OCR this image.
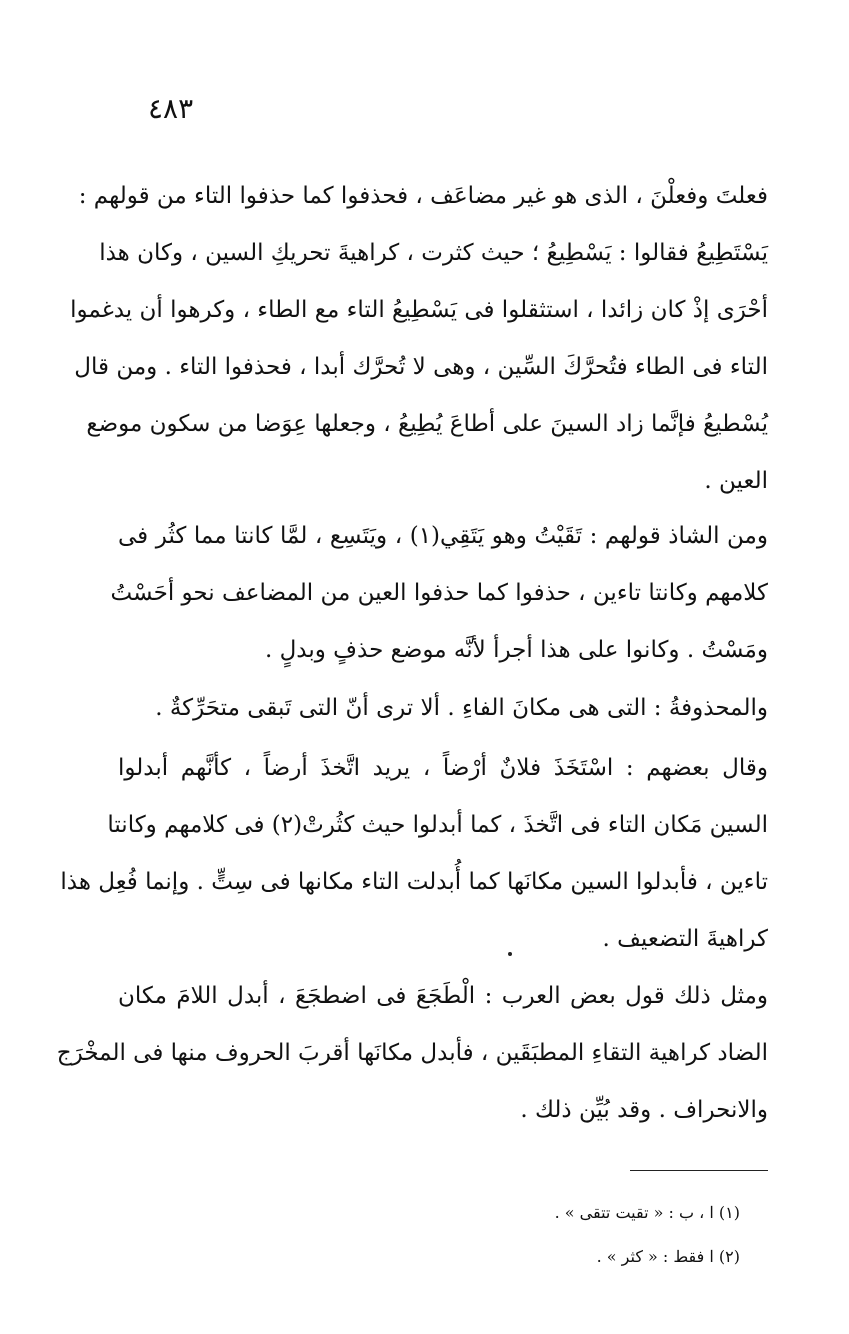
٤٨٣
فعلتَ وفعلْنَ ، الذى هو غير مضاعَف ، فحذفوا كما حذفوا التاء من قولهم :
يَسْتَطِيعُ فقالوا : يَسْطِيعُ ؛ حيث كثرت ، كراهيةَ تحريكِ السين ، وكان هذا
أحْرَى إذْ كان زائدا ، استثقلوا فى يَسْطِيعُ التاء مع الطاء ، وكرهوا أن يدغموا
التاء فى الطاء فتُحرَّكَ السِّين ، وهى لا تُحرَّك أبدا ، فحذفوا التاء . ومن قال
يُسْطيعُ فإنَّما زاد السينَ على أطاعَ يُطِيعُ ، وجعلها عِوَضا من سكون موضع
العين .
ومن الشاذ قولهم : تَقَيْتُ وهو يَتَقِي(١) ، ويَتَسِع ، لمَّا كانتا مما كثُر فى
كلامهم وكانتا تاءين ، حذفوا كما حذفوا العين من المضاعف نحو أحَسْتُ
ومَسْتُ . وكانوا على هذا أجرأ لأنَّه موضع حذفٍ وبدلٍ .
والمحذوفةُ : التى هى مكانَ الفاءِ . ألا ترى أنّ التى تَبقى متحَرِّكةٌ .
وقال بعضهم : اسْتَخَذَ فلانٌ أرْضاً ، يريد اتَّخذَ أرضاً ، كأنَّهم أبدلوا
السين مَكان التاء فى اتَّخذَ ، كما أبدلوا حيث كثُرتْ(٢) فى كلامهم وكانتا
تاءين ، فأبدلوا السين مكانَها كما أُبدلت التاء مكانها فى سِتٍّ . وإنما فُعِل هذا
كراهيةَ التضعيف .
ومثل ذلك قول بعض العرب : الْطَجَعَ فى اضطجَعَ ، أبدل اللامَ مكان
الضاد كراهية التقاءِ المطبَقَين ، فأبدل مكانَها أقربَ الحروف منها فى المخْرَج
والانحراف . وقد بُيِّن ذلك .
(١) ا ، ب : « تقيت تتقى » .
(٢) ا فقط : « كثر » .
